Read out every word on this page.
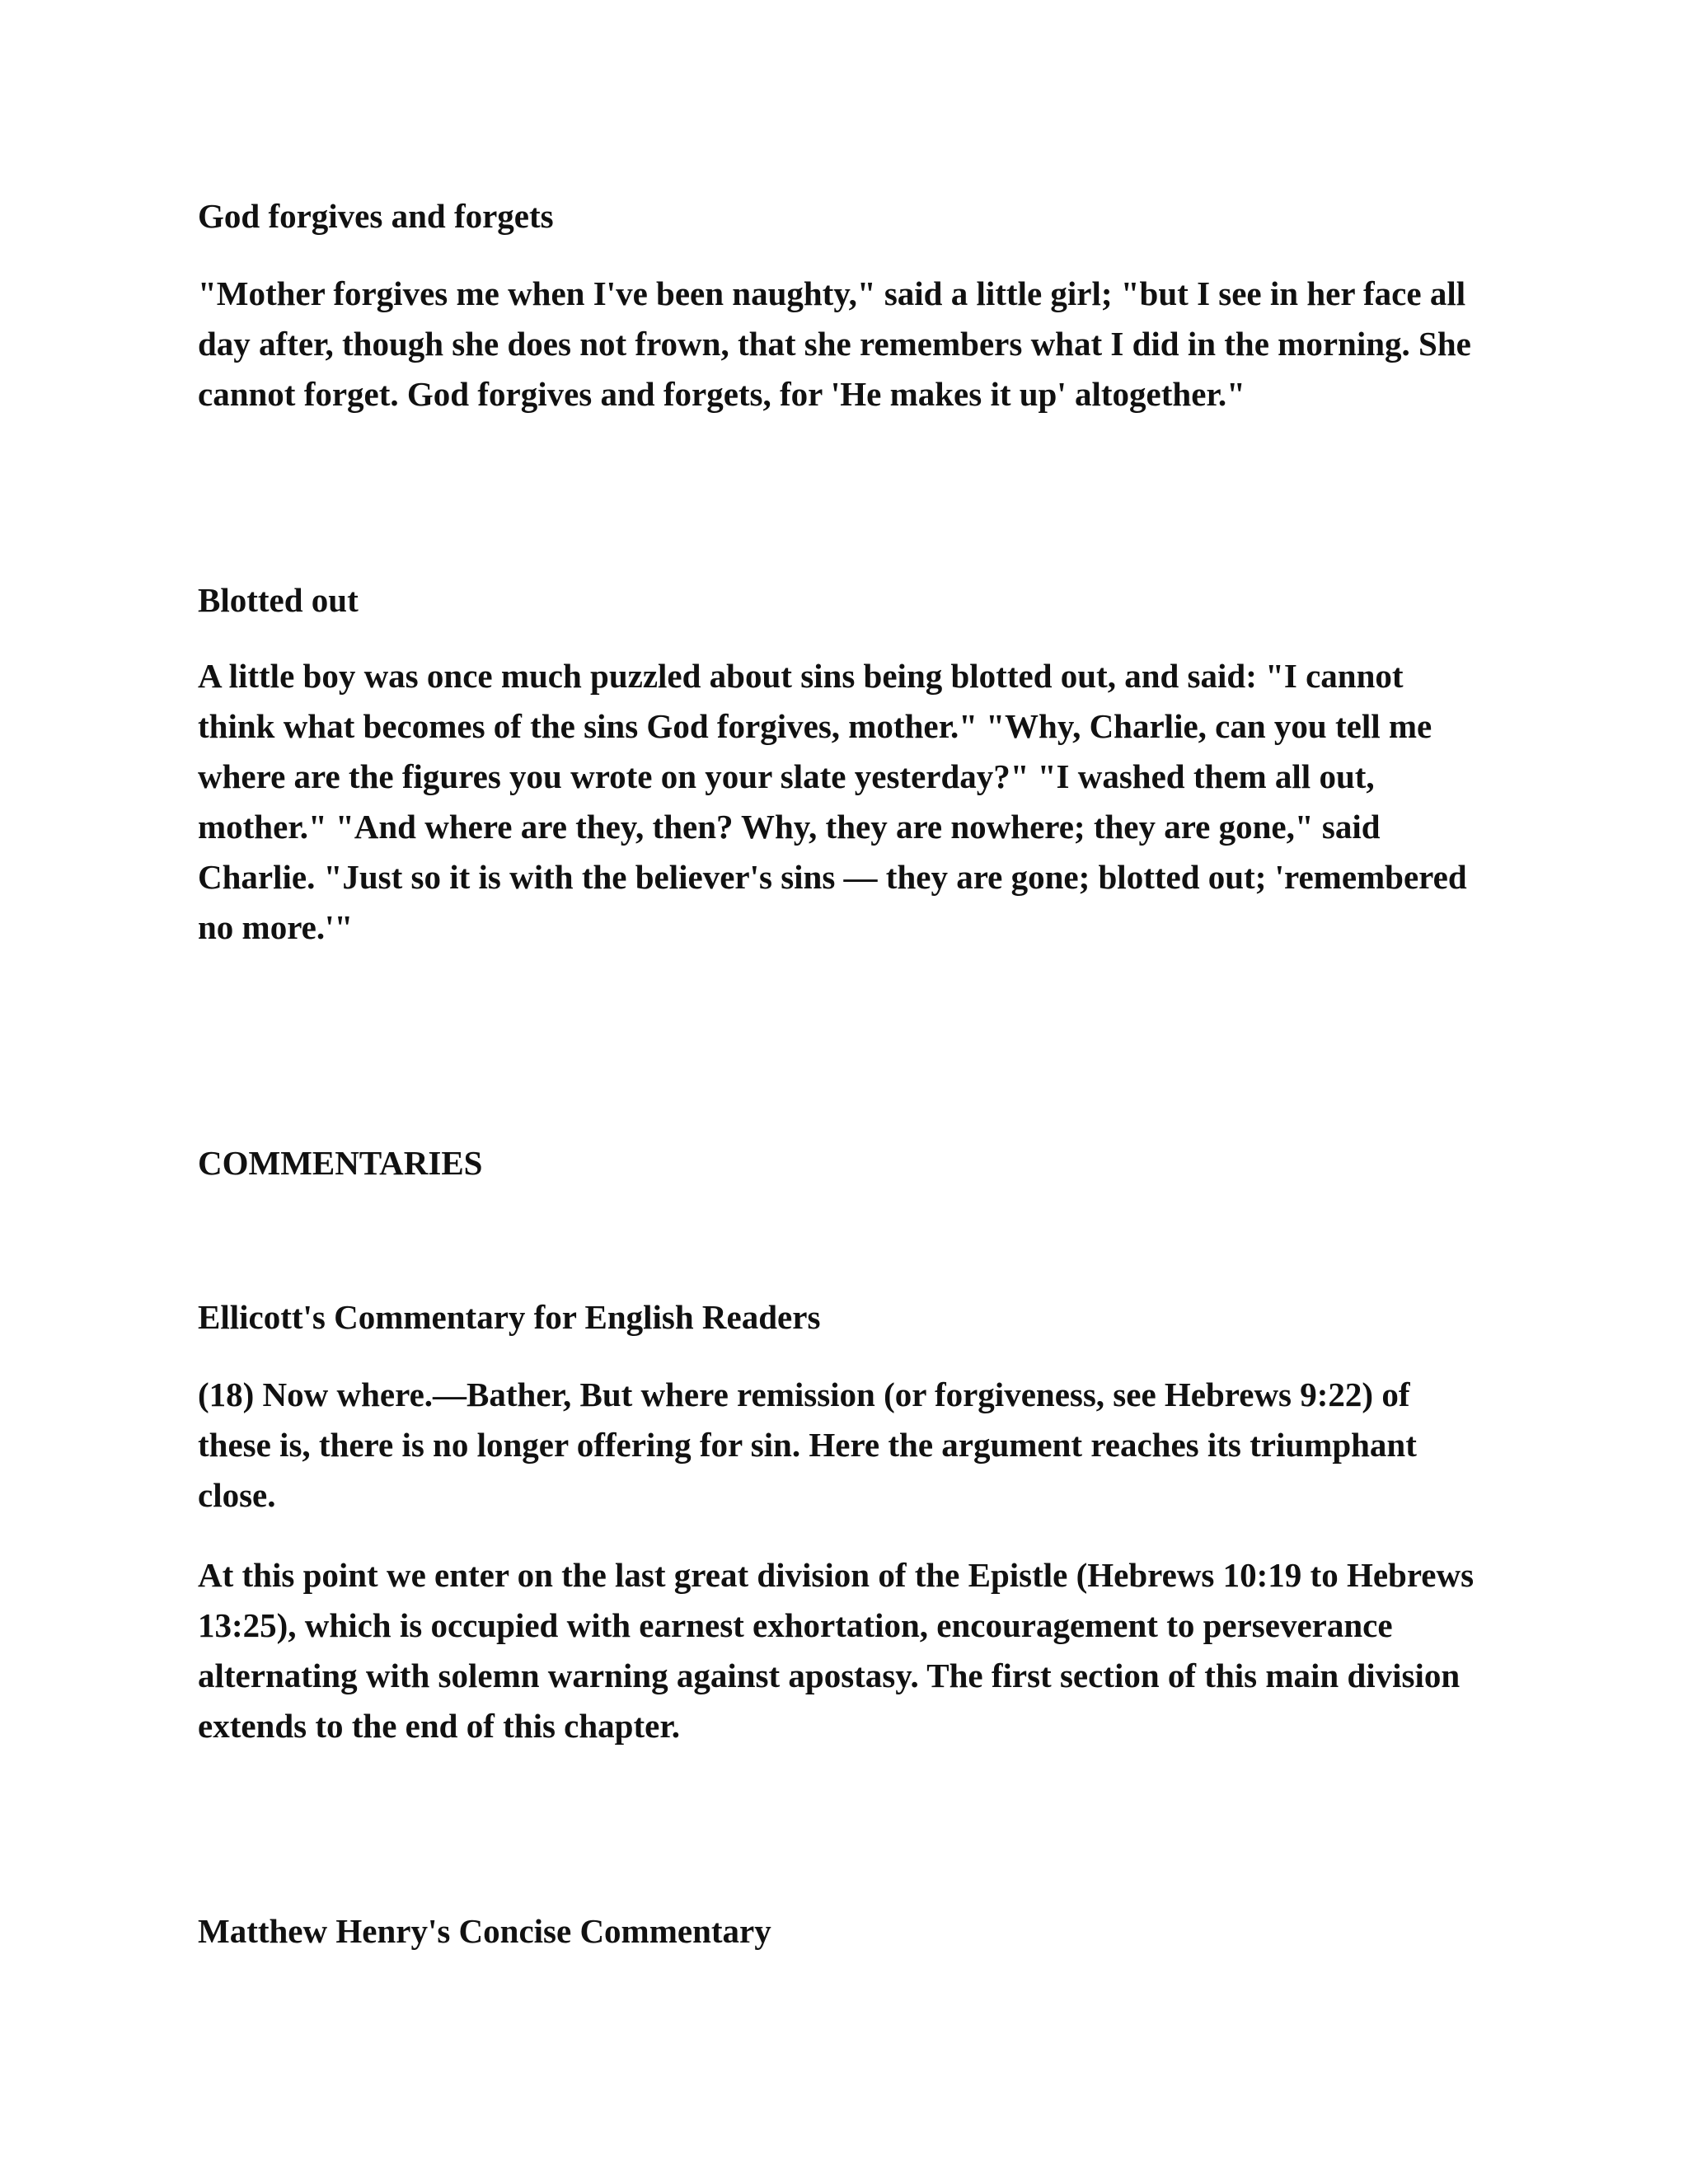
God forgives and forgets

"Mother forgives me when I've been naughty," said a little girl; "but I see in her face all day after, though she does not frown, that she remembers what I did in the morning. She cannot forget. God forgives and forgets, for 'He makes it up' altogether."

Blotted out

A little boy was once much puzzled about sins being blotted out, and said: "I cannot think what becomes of the sins God forgives, mother." "Why, Charlie, can you tell me where are the figures you wrote on your slate yesterday?" "I washed them all out, mother." "And where are they, then? Why, they are nowhere; they are gone," said Charlie. "Just so it is with the believer's sins — they are gone; blotted out; 'remembered no more.'"

COMMENTARIES

Ellicott's Commentary for English Readers

(18) Now where.—Bather, But where remission (or forgiveness, see Hebrews 9:22) of these is, there is no longer offering for sin. Here the argument reaches its triumphant close.

At this point we enter on the last great division of the Epistle (Hebrews 10:19 to Hebrews 13:25), which is occupied with earnest exhortation, encouragement to perseverance alternating with solemn warning against apostasy. The first section of this main division extends to the end of this chapter.

Matthew Henry's Concise Commentary
